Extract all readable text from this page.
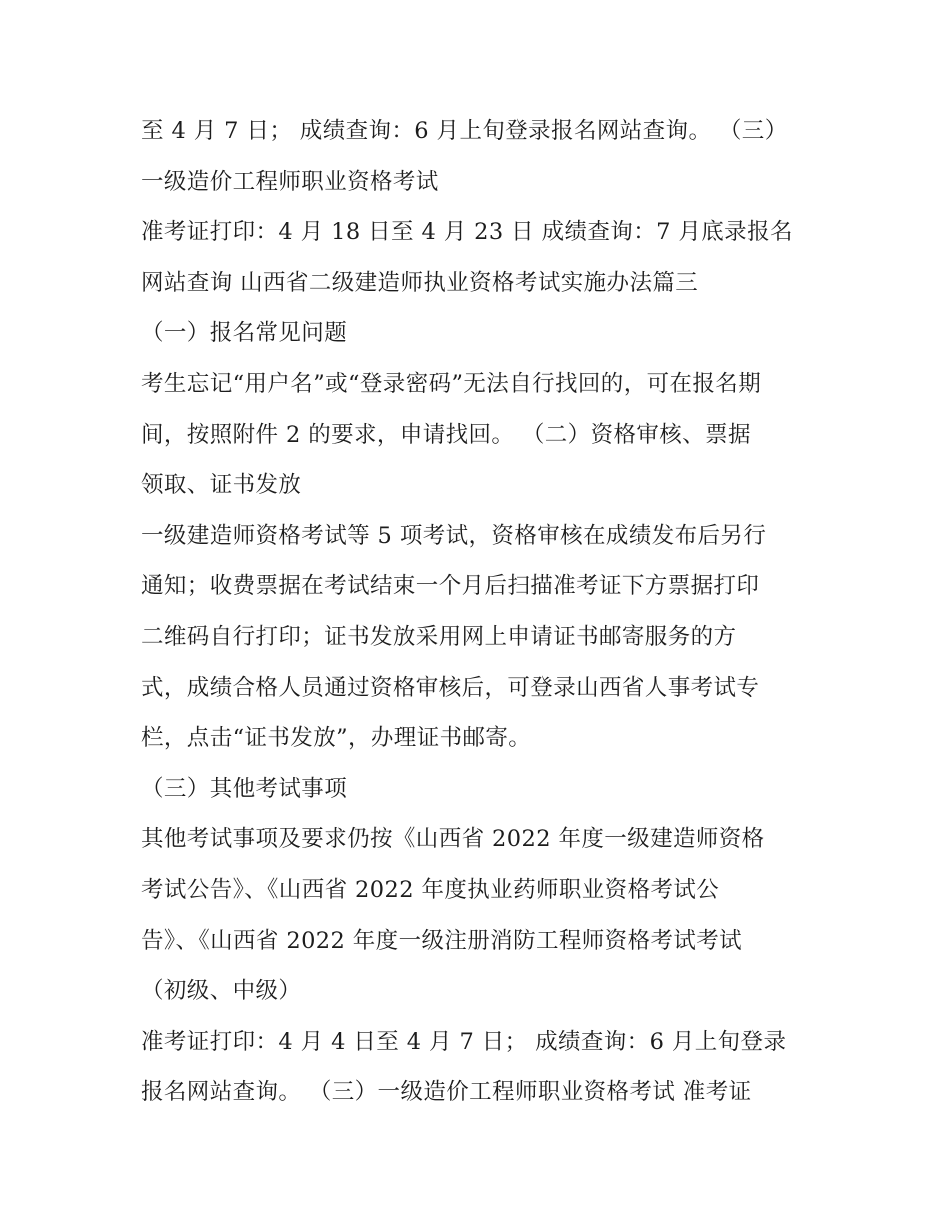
至 4 月 7 日； 成绩查询：6 月上旬登录报名网站查询。 （三）
一级造价工程师职业资格考试
准考证打印：4 月 18 日至 4 月 23 日 成绩查询：7 月底录报名
网站查询 山西省二级建造师执业资格考试实施办法篇三
（一）报名常见问题
考生忘记“用户名”或“登录密码”无法自行找回的，可在报名期
间，按照附件 2 的要求，申请找回。 （二）资格审核、票据
领取、证书发放
一级建造师资格考试等 5 项考试，资格审核在成绩发布后另行
通知；收费票据在考试结束一个月后扫描准考证下方票据打印
二维码自行打印；证书发放采用网上申请证书邮寄服务的方
式，成绩合格人员通过资格审核后，可登录山西省人事考试专
栏，点击“证书发放”，办理证书邮寄。
（三）其他考试事项
其他考试事项及要求仍按《山西省 2022 年度一级建造师资格
考试公告》、《山西省 2022 年度执业药师职业资格考试公
告》、《山西省 2022 年度一级注册消防工程师资格考试考试
（初级、中级）
准考证打印：4 月 4 日至 4 月 7 日； 成绩查询：6 月上旬登录
报名网站查询。 （三）一级造价工程师职业资格考试 准考证
